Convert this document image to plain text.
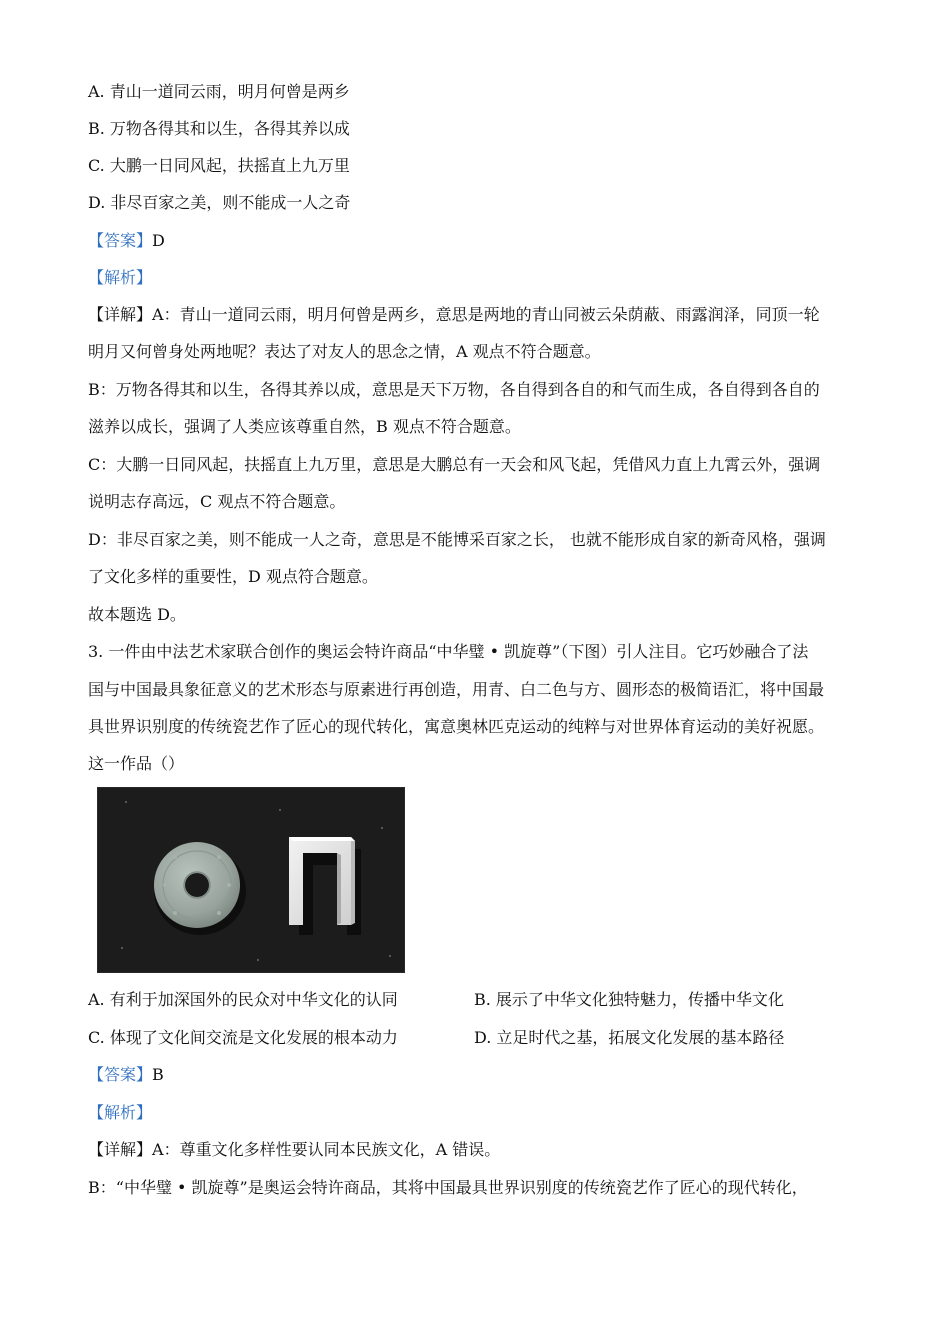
A. 青山一道同云雨，明月何曾是两乡
B. 万物各得其和以生，各得其养以成
C. 大鹏一日同风起，扶摇直上九万里
D. 非尽百家之美，则不能成一人之奇
【答案】D
【解析】
【详解】A：青山一道同云雨，明月何曾是两乡，意思是两地的青山同被云朵荫蔽、雨露润泽，同顶一轮
明月又何曾身处两地呢？表达了对友人的思念之情，A 观点不符合题意。
B：万物各得其和以生，各得其养以成，意思是天下万物，各自得到各自的和气而生成，各自得到各自的
滋养以成长，强调了人类应该尊重自然，B 观点不符合题意。
C：大鹏一日同风起，扶摇直上九万里，意思是大鹏总有一天会和风飞起，凭借风力直上九霄云外，强调
说明志存高远，C 观点不符合题意。
D：非尽百家之美，则不能成一人之奇，意思是不能博采百家之长， 也就不能形成自家的新奇风格，强调
了文化多样的重要性，D 观点符合题意。
故本题选 D。
3. 一件由中法艺术家联合创作的奥运会特许商品“中华璧 • 凯旋尊”（下图）引人注目。它巧妙融合了法
国与中国最具象征意义的艺术形态与原素进行再创造，用青、白二色与方、圆形态的极简语汇，将中国最
具世界识别度的传统瓷艺作了匠心的现代转化，寓意奥林匹克运动的纯粹与对世界体育运动的美好祝愿。
这一作品（）
A. 有利于加深国外的民众对中华文化的认同	B. 展示了中华文化独特魅力，传播中华文化
C. 体现了文化间交流是文化发展的根本动力	D. 立足时代之基，拓展文化发展的基本路径
【答案】B
【解析】
【详解】A：尊重文化多样性要认同本民族文化，A 错误。
B：“中华璧 • 凯旋尊”是奥运会特许商品，其将中国最具世界识别度的传统瓷艺作了匠心的现代转化，
